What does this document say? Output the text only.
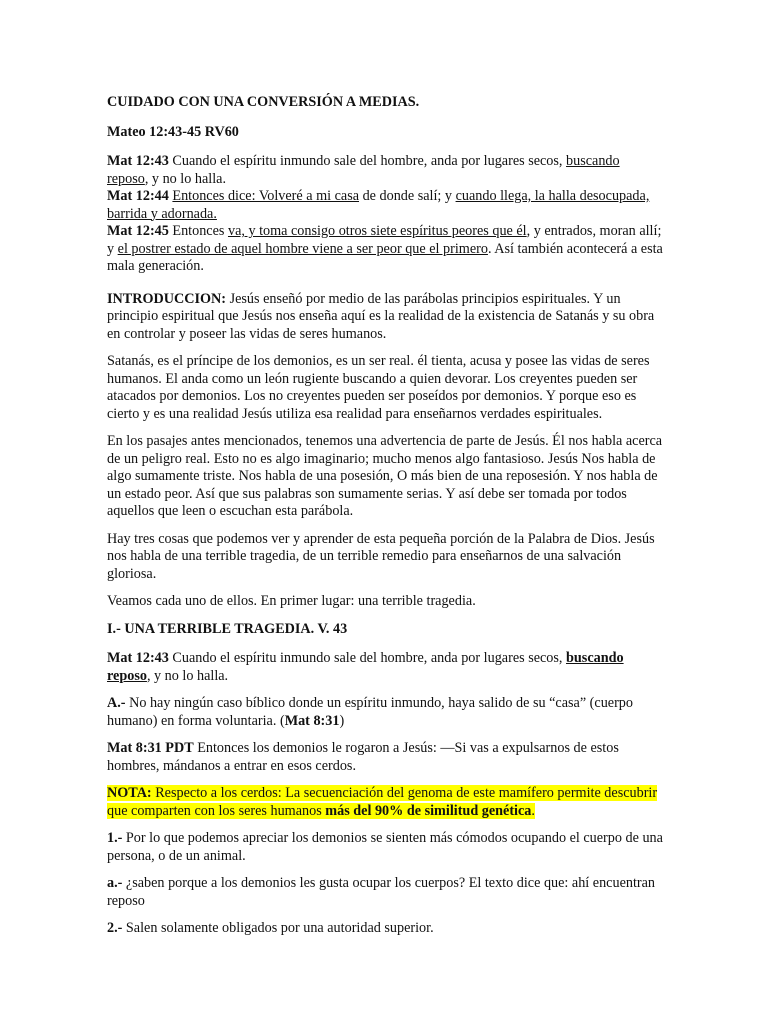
CUIDADO CON UNA CONVERSIÓN A MEDIAS.

Mateo 12:43-45 RV60

Mat 12:43 Cuando el espíritu inmundo sale del hombre, anda por lugares secos, buscando reposo, y no lo halla.

Mat 12:44 Entonces dice: Volveré a mi casa de donde salí; y cuando llega, la halla desocupada, barrida y adornada.

Mat 12:45 Entonces va, y toma consigo otros siete espíritus peores que él, y entrados, moran allí; y el postrer estado de aquel hombre viene a ser peor que el primero. Así también acontecerá a esta mala generación.

INTRODUCCION: Jesús enseñó por medio de las parábolas principios espirituales. Y un principio espiritual que Jesús nos enseña aquí es la realidad de la existencia de Satanás y su obra en controlar y poseer las vidas de seres humanos.

Satanás, es el príncipe de los demonios, es un ser real. él tienta, acusa y posee las vidas de seres humanos. El anda como un león rugiente buscando a quien devorar. Los creyentes pueden ser atacados por demonios. Los no creyentes pueden ser poseídos por demonios. Y porque eso es cierto y es una realidad Jesús utiliza esa realidad para enseñarnos verdades espirituales.

En los pasajes antes mencionados, tenemos una advertencia de parte de Jesús. Él nos habla acerca de un peligro real. Esto no es algo imaginario; mucho menos algo fantasioso. Jesús Nos habla de algo sumamente triste. Nos habla de una posesión, O más bien de una reposesión. Y nos habla de un estado peor. Así que sus palabras son sumamente serias. Y así debe ser tomada por todos aquellos que leen o escuchan esta parábola.

Hay tres cosas que podemos ver y aprender de esta pequeña porción de la Palabra de Dios. Jesús nos habla de una terrible tragedia, de un terrible remedio para enseñarnos de una salvación gloriosa.

Veamos cada uno de ellos. En primer lugar: una terrible tragedia.

I.- UNA TERRIBLE TRAGEDIA. V. 43

Mat 12:43 Cuando el espíritu inmundo sale del hombre, anda por lugares secos, buscando reposo, y no lo halla.

A.- No hay ningún caso bíblico donde un espíritu inmundo, haya salido de su “casa” (cuerpo humano) en forma voluntaria. (Mat 8:31)

Mat 8:31 PDT Entonces los demonios le rogaron a Jesús: —Si vas a expulsarnos de estos hombres, mándanos a entrar en esos cerdos.

NOTA: Respecto a los cerdos: La secuenciación del genoma de este mamífero permite descubrir que comparten con los seres humanos más del 90% de similitud genética.

1.- Por lo que podemos apreciar los demonios se sienten más cómodos ocupando el cuerpo de una persona, o de un animal.

a.- ¿saben porque a los demonios les gusta ocupar los cuerpos? El texto dice que: ahí encuentran reposo

2.- Salen solamente obligados por una autoridad superior.
